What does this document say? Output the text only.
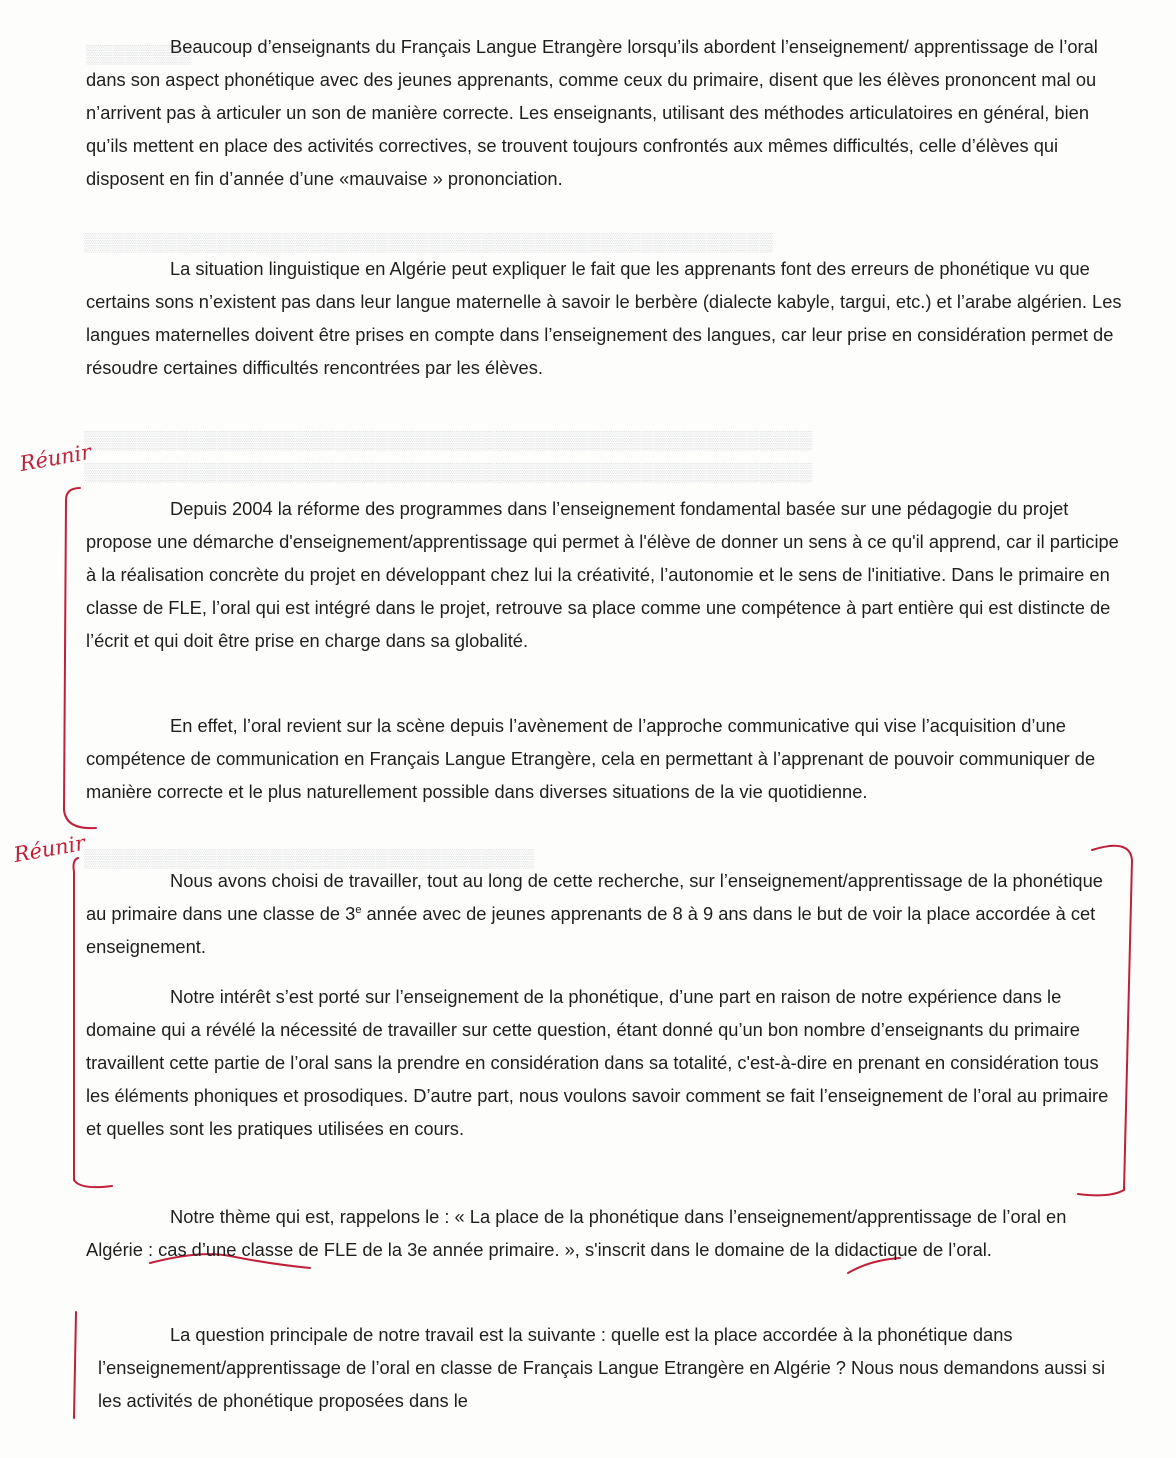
▒▒▒▒▒▒▒▒
▒▒▒▒▒▒▒▒▒▒▒▒▒▒▒▒▒▒▒▒▒▒▒▒▒▒▒▒▒▒▒▒▒▒▒▒▒▒▒▒▒▒▒▒▒▒▒▒▒▒▒▒
▒▒▒▒▒▒▒▒▒▒▒▒▒▒▒▒▒▒▒▒▒▒▒▒▒▒▒▒▒▒▒▒▒▒▒▒▒▒▒▒▒▒▒▒▒▒▒▒▒▒▒▒▒▒▒
▒▒▒▒▒▒▒▒▒▒▒▒▒▒▒▒▒▒▒▒▒▒▒▒▒▒▒▒▒▒▒▒▒▒▒▒▒▒▒▒▒▒▒▒▒▒▒▒▒▒▒▒▒▒▒
▒▒▒▒▒▒▒▒▒▒▒▒▒▒▒▒▒▒▒▒▒▒▒▒▒▒▒▒▒▒▒▒▒▒
Réunir
Réunir

Beaucoup d’enseignants du Français Langue Etrangère lorsqu’ils abordent l’enseignement/ apprentissage de l’oral dans son aspect phonétique avec des jeunes apprenants, comme ceux du primaire, disent que les élèves prononcent mal ou n’arrivent pas à articuler un son de manière correcte. Les enseignants, utilisant des méthodes articulatoires en général, bien qu’ils mettent en place des activités correctives, se trouvent toujours confrontés aux mêmes difficultés, celle d’élèves qui disposent en fin d’année d’une «mauvaise » prononciation.

La situation linguistique en Algérie peut expliquer le fait que les apprenants font des erreurs de phonétique vu que certains sons n’existent pas dans leur langue maternelle à savoir le berbère (dialecte kabyle, targui, etc.) et l’arabe algérien. Les langues maternelles doivent être prises en compte dans l’enseignement des langues, car leur prise en considération permet de résoudre certaines difficultés rencontrées par les élèves.

Depuis 2004 la réforme des programmes dans l’enseignement fondamental basée sur une pédagogie du projet propose une démarche d'enseignement/apprentissage qui permet à l'élève de donner un sens à ce qu'il apprend, car il participe à la réalisation concrète du projet en développant chez lui la créativité, l’autonomie et le sens de l'initiative. Dans le primaire en classe de FLE, l’oral qui est intégré dans le projet, retrouve sa place comme une compétence à part entière qui est distincte de l’écrit et qui doit être prise en charge dans sa globalité.

En effet, l’oral revient sur la scène depuis l’avènement de l’approche communicative qui vise l’acquisition d’une compétence de communication en Français Langue Etrangère, cela en permettant à l’apprenant de pouvoir communiquer de manière correcte et le plus naturellement possible dans diverses situations de la vie quotidienne.

Nous avons choisi de travailler, tout au long de cette recherche, sur l’enseignement/apprentissage de la phonétique au primaire dans une classe de 3e année avec de jeunes apprenants de 8 à 9 ans dans le but de voir la place accordée à cet enseignement.

Notre intérêt s’est porté sur l’enseignement de la phonétique, d’une part en raison de notre expérience dans le domaine qui a révélé la nécessité de travailler sur cette question, étant donné qu’un bon nombre d’enseignants du primaire travaillent cette partie de l’oral sans la prendre en considération dans sa totalité, c'est-à-dire en prenant en considération tous les éléments phoniques et prosodiques. D’autre part, nous voulons savoir comment se fait l’enseignement de l’oral au primaire et quelles sont les pratiques utilisées en cours.

Notre thème qui est, rappelons le : « La place de la phonétique dans l’enseignement/apprentissage de l’oral en Algérie : cas d’une classe de FLE de la 3e année primaire. », s'inscrit dans le domaine de la didactique de l’oral.

La question principale de notre travail est la suivante : quelle est la place accordée à la phonétique dans l’enseignement/apprentissage de l’oral en classe de Français Langue Etrangère en Algérie ? Nous nous demandons aussi si les activités de phonétique proposées dans le
